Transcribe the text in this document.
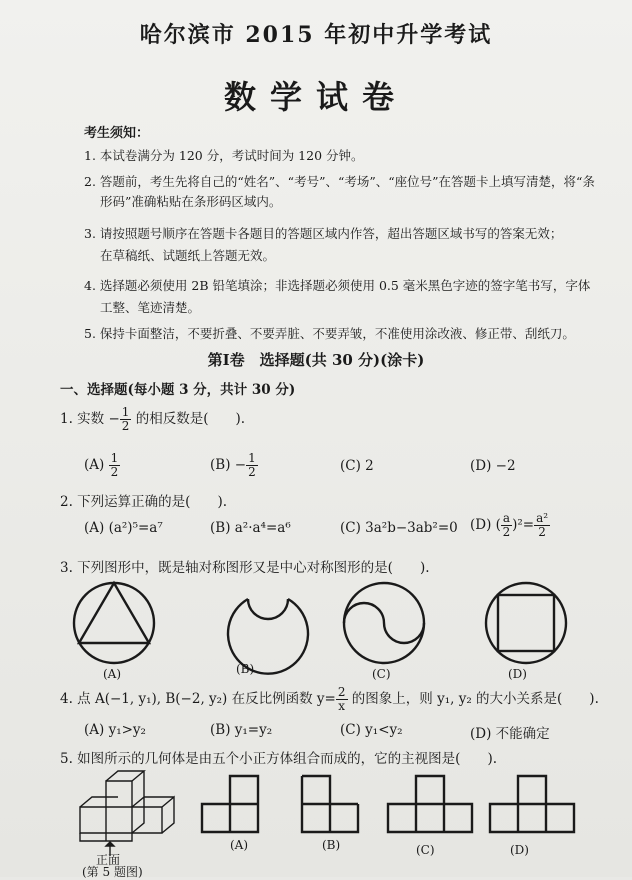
哈尔滨市 2015 年初中升学考试
数学试卷
考生须知：
1. 本试卷满分为 120 分，考试时间为 120 分钟。
2. 答题前，考生先将自己的“姓名”、“考号”、“考场”、“座位号”在答题卡上填写清楚，将“条
形码”准确粘贴在条形码区域内。
3. 请按照题号顺序在答题卡各题目的答题区域内作答，超出答题区域书写的答案无效；
在草稿纸、试题纸上答题无效。
4. 选择题必须使用 2B 铅笔填涂；非选择题必须使用 0.5 毫米黑色字迹的签字笔书写，字体
工整、笔迹清楚。
5. 保持卡面整洁，不要折叠、不要弄脏、不要弄皱，不准使用涂改液、修正带、刮纸刀。
第Ⅰ卷　选择题(共 30 分)(涂卡)
一、选择题(每小题 3 分，共计 30 分)
1. 实数 − $\frac{1}{2}$ 的相反数是(　　).
$(A) \frac{1}{2}$	$(B) - \frac{1}{2}$	(C) 2	(D) −2
2. 下列运算正确的是(　　).
(A) (a²)⁵=a⁷	(B) a²·a⁴=a⁶	(C) 3a²b−3ab²=0 (D) ( $\frac{a}{2} )^2= \frac{\text{a²}}{2}$
3. 下列图形中，既是轴对称图形又是中心对称图形的是(　　).
(A)	(B)	(C)	(D)
4. 点 A(−1, y₁), B(−2, y₂) 在反比例函数 $y= \frac{2}{x}$ 的图象上，则 y₁, y₂ 的大小关系是(　　).
(A) y₁>y₂	(B) y₁=y₂	(C) y₁<y₂	(D) 不能确定
5. 如图所示的几何体是由五个小正方体组合而成的，它的主视图是(　　).
正面
(第 5 题图)
(A)	(B)	(C)	(D)
